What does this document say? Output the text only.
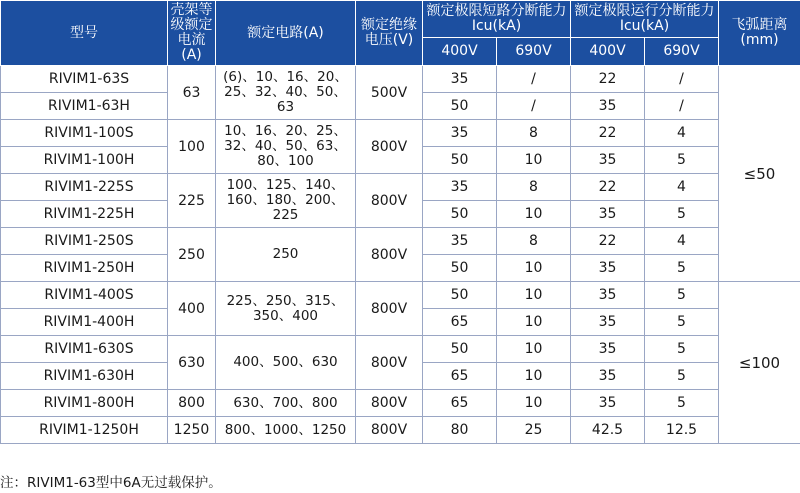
型号	壳架等级额定电流(A)	额定电路(A)	额定绝缘电压(V)	额定极限短路分断能力Icu(kA)		额定极限运行分断能力Icu(kA)		飞弧距离(mm)
				400V	690V	400V	690V	
RIVIM1-63S	63	(6)、10、16、20、25、32、40、50、63	500V	35	/	22	/	≤50
RIVIM1-63H				50	/	35	/	
RIVIM1-100S	100	10、16、20、25、32、40、50、63、80、100	800V	35	8	22	4	
RIVIM1-100H				50	10	35	5	
RIVIM1-225S	225	100、125、140、160、180、200、225	800V	35	8	22	4	
RIVIM1-225H				50	10	35	5	
RIVIM1-250S	250	250	800V	35	8	22	4	
RIVIM1-250H				50	10	35	5	
RIVIM1-400S	400	225、250、315、350、400	800V	50	10	35	5	≤100
RIVIM1-400H				65	10	35	5	
RIVIM1-630S	630	400、500、630	800V	50	10	35	5	
RIVIM1-630H				65	10	35	5	
RIVIM1-800H	800	630、700、800	800V	65	10	35	5	
RIVIM1-1250H	1250	800、1000、1250	800V	80	25	42.5	12.5	
注：RIVIM1-63型中6A无过载保护。
